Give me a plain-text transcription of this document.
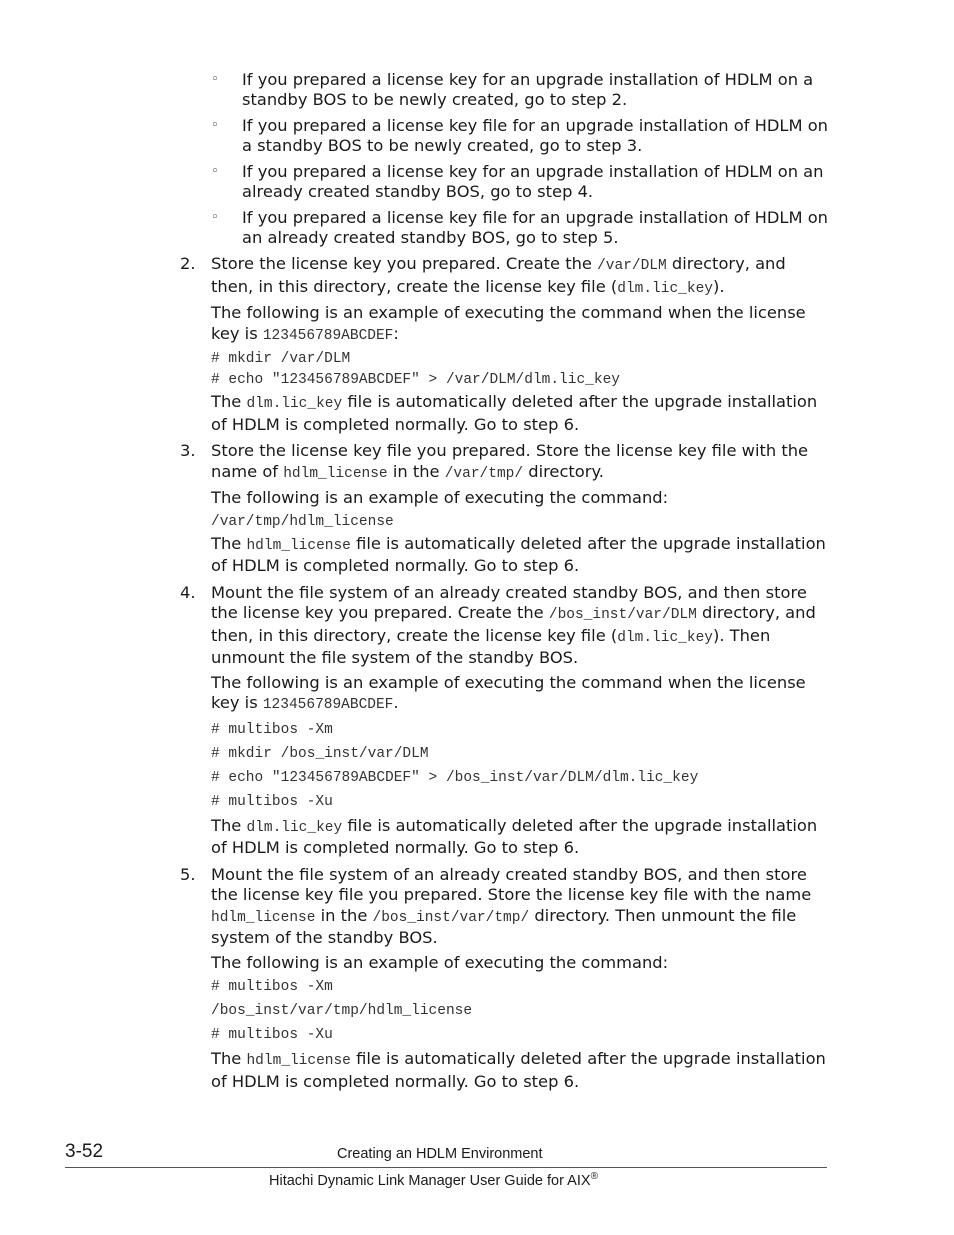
◦ If you prepared a license key for an upgrade installation of HDLM on a standby BOS to be newly created, go to step 2.
◦ If you prepared a license key file for an upgrade installation of HDLM on a standby BOS to be newly created, go to step 3.
◦ If you prepared a license key for an upgrade installation of HDLM on an already created standby BOS, go to step 4.
◦ If you prepared a license key file for an upgrade installation of HDLM on an already created standby BOS, go to step 5.
2. Store the license key you prepared. Create the /var/DLM directory, and then, in this directory, create the license key file (dlm.lic_key).

The following is an example of executing the command when the license key is 123456789ABCDEF:

# mkdir /var/DLM
# echo "123456789ABCDEF" > /var/DLM/dlm.lic_key

The dlm.lic_key file is automatically deleted after the upgrade installation of HDLM is completed normally. Go to step 6.

3. Store the license key file you prepared. Store the license key file with the name of hdlm_license in the /var/tmp/ directory.

The following is an example of executing the command:

/var/tmp/hdlm_license

The hdlm_license file is automatically deleted after the upgrade installation of HDLM is completed normally. Go to step 6.

4. Mount the file system of an already created standby BOS, and then store the license key you prepared. Create the /bos_inst/var/DLM directory, and then, in this directory, create the license key file (dlm.lic_key). Then unmount the file system of the standby BOS.

The following is an example of executing the command when the license key is 123456789ABCDEF.

# multibos -Xm
# mkdir /bos_inst/var/DLM
# echo "123456789ABCDEF" > /bos_inst/var/DLM/dlm.lic_key
# multibos -Xu

The dlm.lic_key file is automatically deleted after the upgrade installation of HDLM is completed normally. Go to step 6.

5. Mount the file system of an already created standby BOS, and then store the license key file you prepared. Store the license key file with the name hdlm_license in the /bos_inst/var/tmp/ directory. Then unmount the file system of the standby BOS.

The following is an example of executing the command:

# multibos -Xm
/bos_inst/var/tmp/hdlm_license
# multibos -Xu

The hdlm_license file is automatically deleted after the upgrade installation of HDLM is completed normally. Go to step 6.

3-52	Creating an HDLM Environment
Hitachi Dynamic Link Manager User Guide for AIX®
